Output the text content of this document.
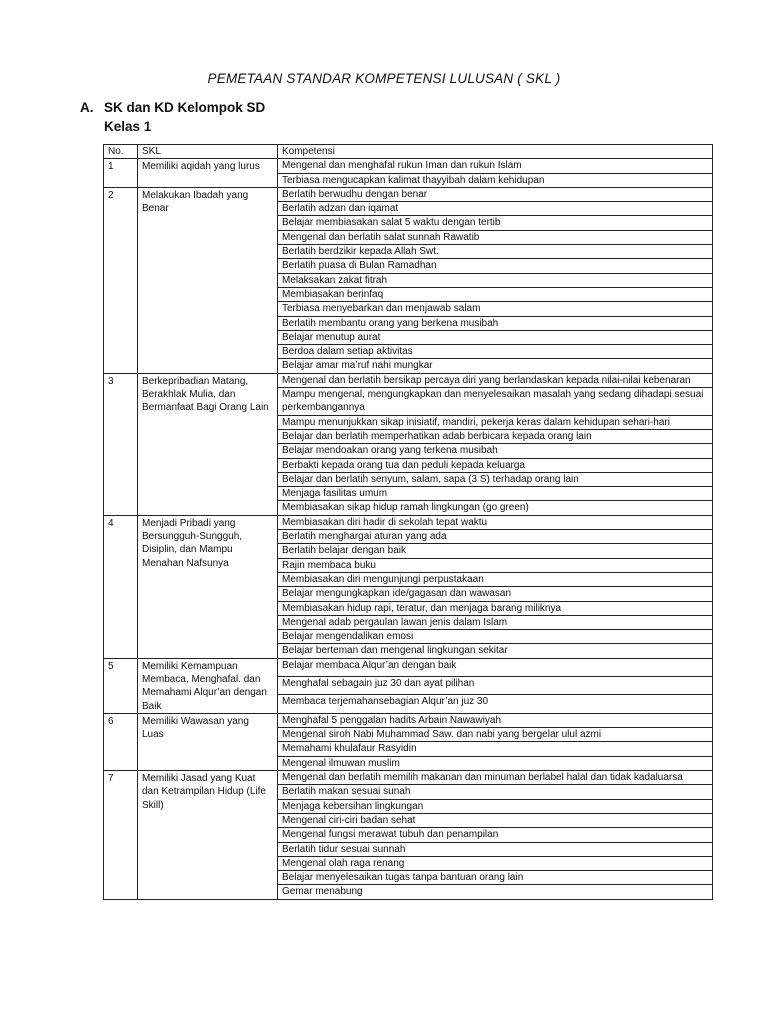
PEMETAAN STANDAR KOMPETENSI LULUSAN ( SKL )
A. SK dan KD Kelompok SD
Kelas 1
No.	SKL	Kompetensi
1	Memiliki aqidah yang lurus	Mengenal dan menghafal rukun Iman dan rukun Islam
		Terbiasa mengucapkan kalimat thayyibah dalam kehidupan
2	Melakukan Ibadah yang Benar	Berlatih berwudhu dengan benar
		Berlatih adzan dan iqamat
		Belajar membiasakan salat 5 waktu dengan tertib
		Mengenal dan berlatih salat sunnah Rawatib
		Berlatih berdzikir kepada Allah Swt.
		Berlatih puasa di Bulan Ramadhan
		Melaksakan zakat fitrah
		Membiasakan berinfaq
		Terbiasa menyebarkan dan menjawab salam
		Berlatih membantu orang yang berkena musibah
		Belajar menutup aurat
		Berdoa dalam setiap aktivitas
		Belajar amar ma’ruf nahi mungkar
3	Berkepribadian Matang, Berakhlak Mulia, dan Bermanfaat Bagi Orang Lain	Mengenal dan berlatih bersikap percaya diri yang berlandaskan kepada nilai-nilai kebenaran
		Mampu mengenal, mengungkapkan dan menyelesaikan masalah yang sedang dihadapi sesuai perkembangannya
		Mampu menunjukkan sikap inisiatif, mandiri, pekerja keras dalam kehidupan sehari-hari
		Belajar dan berlatih memperhatikan adab berbicara kepada orang lain
		Belajar mendoakan orang yang terkena musibah
		Berbakti kepada orang tua dan peduli kepada keluarga
		Belajar dan berlatih senyum, salam, sapa (3 S) terhadap orang lain
		Menjaga fasilitas umum
		Membiasakan sikap hidup ramah lingkungan (go green)
4	Menjadi Pribadi yang Bersungguh-Sungguh, Disiplin, dan Mampu Menahan Nafsunya	Membiasakan diri hadir di sekolah tepat waktu
		Berlatih menghargai aturan yang ada
		Berlatih belajar dengan baik
		Rajin membaca buku
		Membiasakan diri mengunjungi perpustakaan
		Belajar mengungkapkan ide/gagasan dan wawasan
		Membiasakan hidup rapi, teratur, dan menjaga barang miliknya
		Mengenal adab pergaulan lawan jenis dalam Islam
		Belajar mengendalikan emosi
		Belajar berteman dan mengenal lingkungan sekitar
5	Memiliki Kemampuan Membaca, Menghafal. dan Memahami Alqur’an dengan Baik	Belajar membaca Alqur’an dengan baik
		Menghafal sebagain juz 30 dan ayat pilihan
		Membaca terjemahansebagian Alqur’an juz 30
6	Memiliki Wawasan yang Luas	Menghafal 5 penggalan hadits Arbain Nawawiyah
		Mengenal siroh Nabi Muhammad Saw. dan nabi yang bergelar ulul azmi
		Memahami khulafaur Rasyidin
		Mengenal ilmuwan muslim
7	Memiliki Jasad yang Kuat dan Ketrampilan Hidup (Life Skill)	Mengenal dan berlatih memilih makanan dan minuman berlabel halal dan tidak kadaluarsa
		Berlatih makan sesuai sunah
		Menjaga kebersihan lingkungan
		Mengenal ciri-ciri badan sehat
		Mengenal fungsi merawat tubuh dan penampilan
		Berlatih tidur sesuai sunnah
		Mengenal olah raga renang
		Belajar menyelesaikan tugas tanpa bantuan orang lain
		Gemar menabung
